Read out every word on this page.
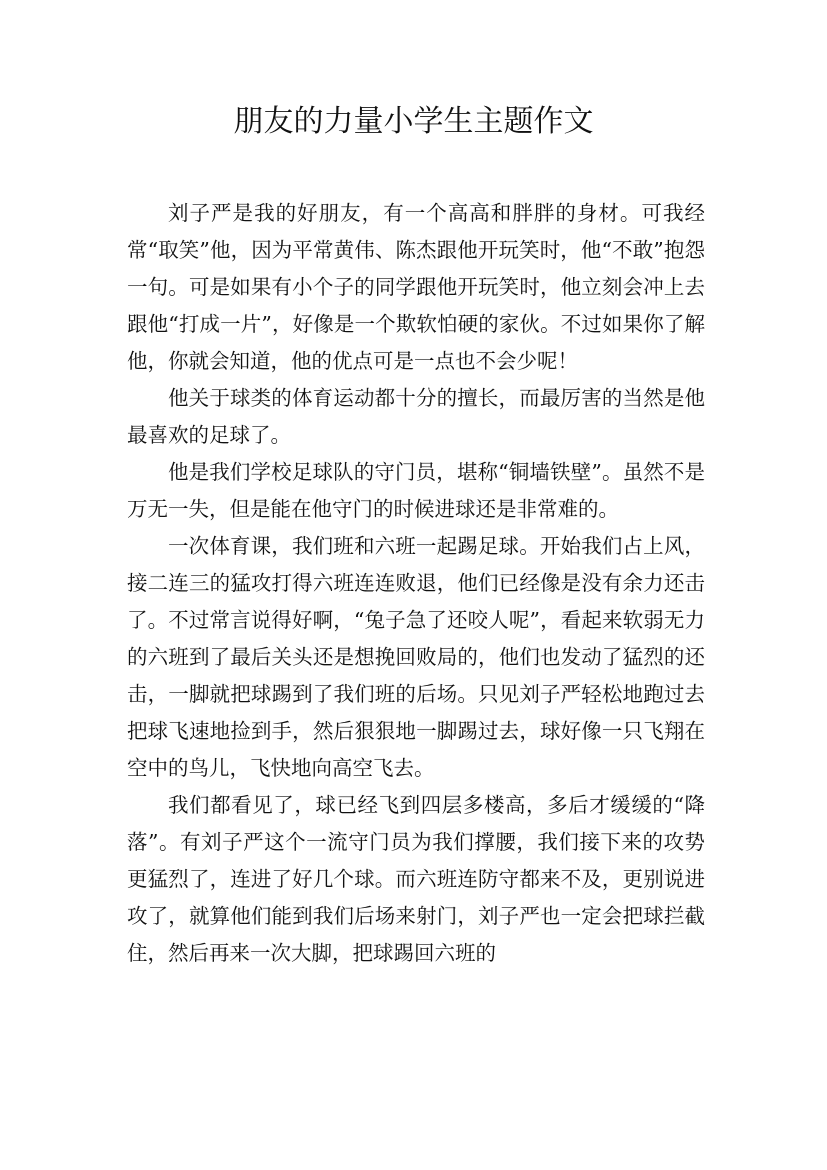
朋友的力量小学生主题作文

刘子严是我的好朋友，有一个高高和胖胖的身材。可我经常“取笑”他，因为平常黄伟、陈杰跟他开玩笑时，他“不敢”抱怨一句。可是如果有小个子的同学跟他开玩笑时，他立刻会冲上去跟他“打成一片”，好像是一个欺软怕硬的家伙。不过如果你了解他，你就会知道，他的优点可是一点也不会少呢！

他关于球类的体育运动都十分的擅长，而最厉害的当然是他最喜欢的足球了。

他是我们学校足球队的守门员，堪称“铜墙铁壁”。虽然不是万无一失，但是能在他守门的时候进球还是非常难的。

一次体育课，我们班和六班一起踢足球。开始我们占上风，接二连三的猛攻打得六班连连败退，他们已经像是没有余力还击了。不过常言说得好啊，“兔子急了还咬人呢”，看起来软弱无力的六班到了最后关头还是想挽回败局的，他们也发动了猛烈的还击，一脚就把球踢到了我们班的后场。只见刘子严轻松地跑过去把球飞速地捡到手，然后狠狠地一脚踢过去，球好像一只飞翔在空中的鸟儿，飞快地向高空飞去。

我们都看见了，球已经飞到四层多楼高，多后才缓缓的“降落”。有刘子严这个一流守门员为我们撑腰，我们接下来的攻势更猛烈了，连进了好几个球。而六班连防守都来不及，更别说进攻了，就算他们能到我们后场来射门，刘子严也一定会把球拦截住，然后再来一次大脚，把球踢回六班的
